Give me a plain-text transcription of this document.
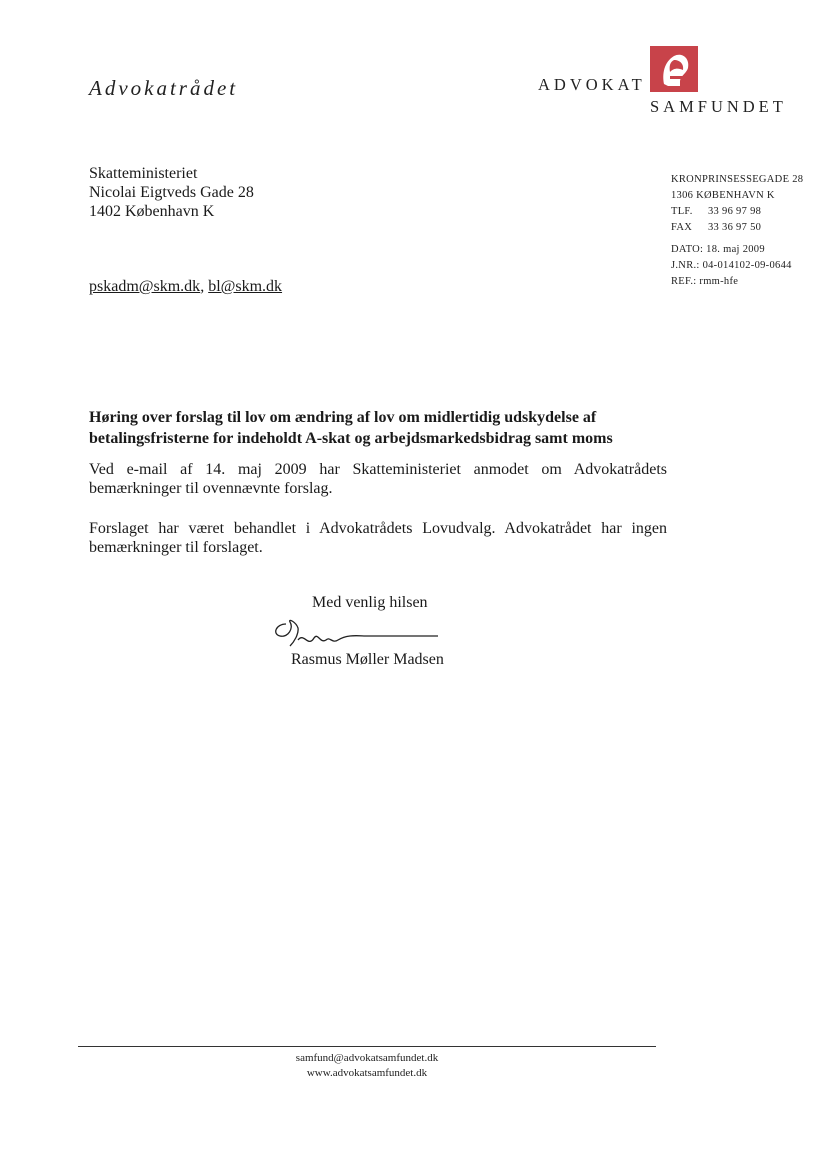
Advokatrådet	ADVOKAT
SAMFUNDET
Skatteministeriet
Nicolai Eigtveds Gade 28
1402 København K
pskadm@skm.dk, bl@skm.dk
KRONPRINSESSEGADE 28
1306 KØBENHAVN K
TLF. 33 96 97 98
FAX 33 36 97 50
DATO: 18. maj 2009
J.NR.: 04-014102-09-0644
REF.: rmm-hfe
Høring over forslag til lov om ændring af lov om midlertidig udskydelse af betalingsfristerne for indeholdt A-skat og arbejdsmarkedsbidrag samt moms
Ved e-mail af 14. maj 2009 har Skatteministeriet anmodet om Advokatrådets bemærkninger til ovennævnte forslag.
Forslaget har været behandlet i Advokatrådets Lovudvalg. Advokatrådet har ingen bemærkninger til forslaget.
Med venlig hilsen
Rasmus Møller Madsen
samfund@advokatsamfundet.dk
www.advokatsamfundet.dk
